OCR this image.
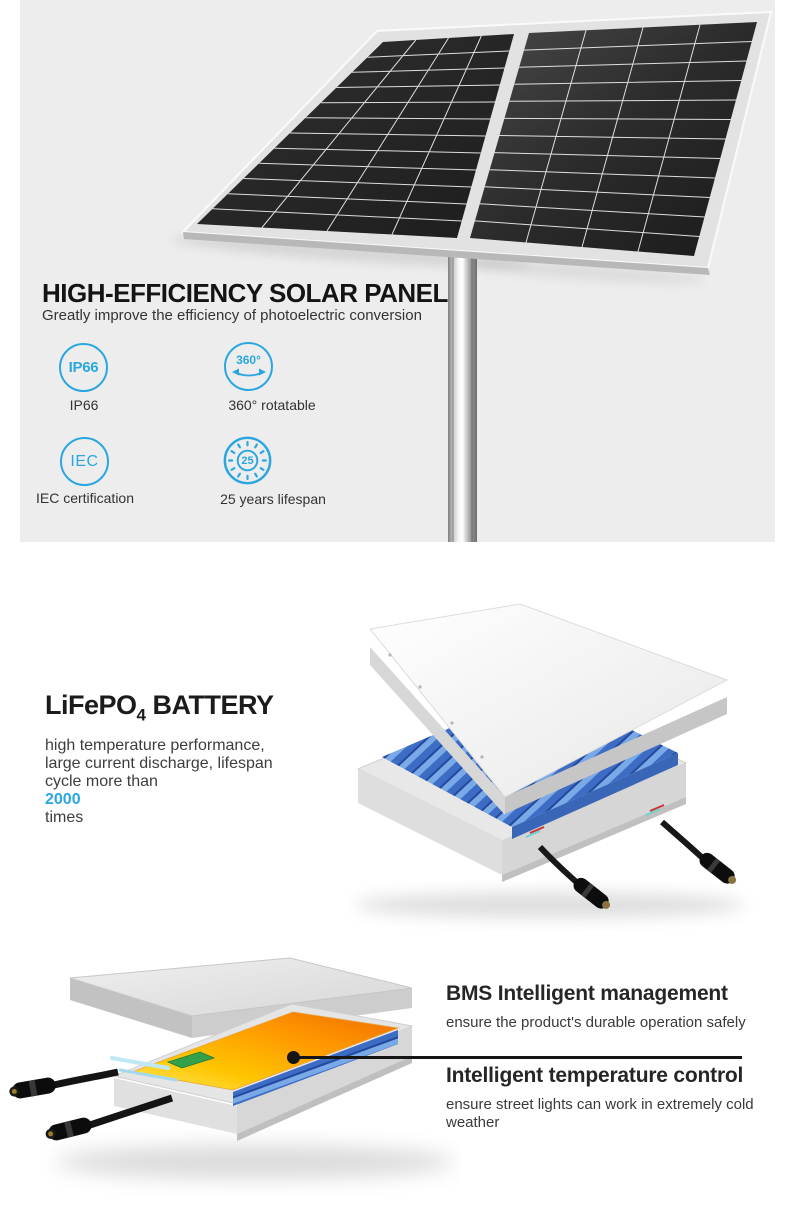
HIGH-EFFICIENCY SOLAR PANEL
Greatly improve the efficiency of photoelectric conversion
IP66
IP66
360°
360° rotatable
IEC
IEC certification
25
25 years lifespan
LiFePO$_4$ BATTERY
high temperature performance,
large current discharge, lifespan
cycle more than
2000
times
BMS Intelligent management
ensure the product's durable operation safely
Intelligent temperature control
ensure street lights can work in extremely cold weather
